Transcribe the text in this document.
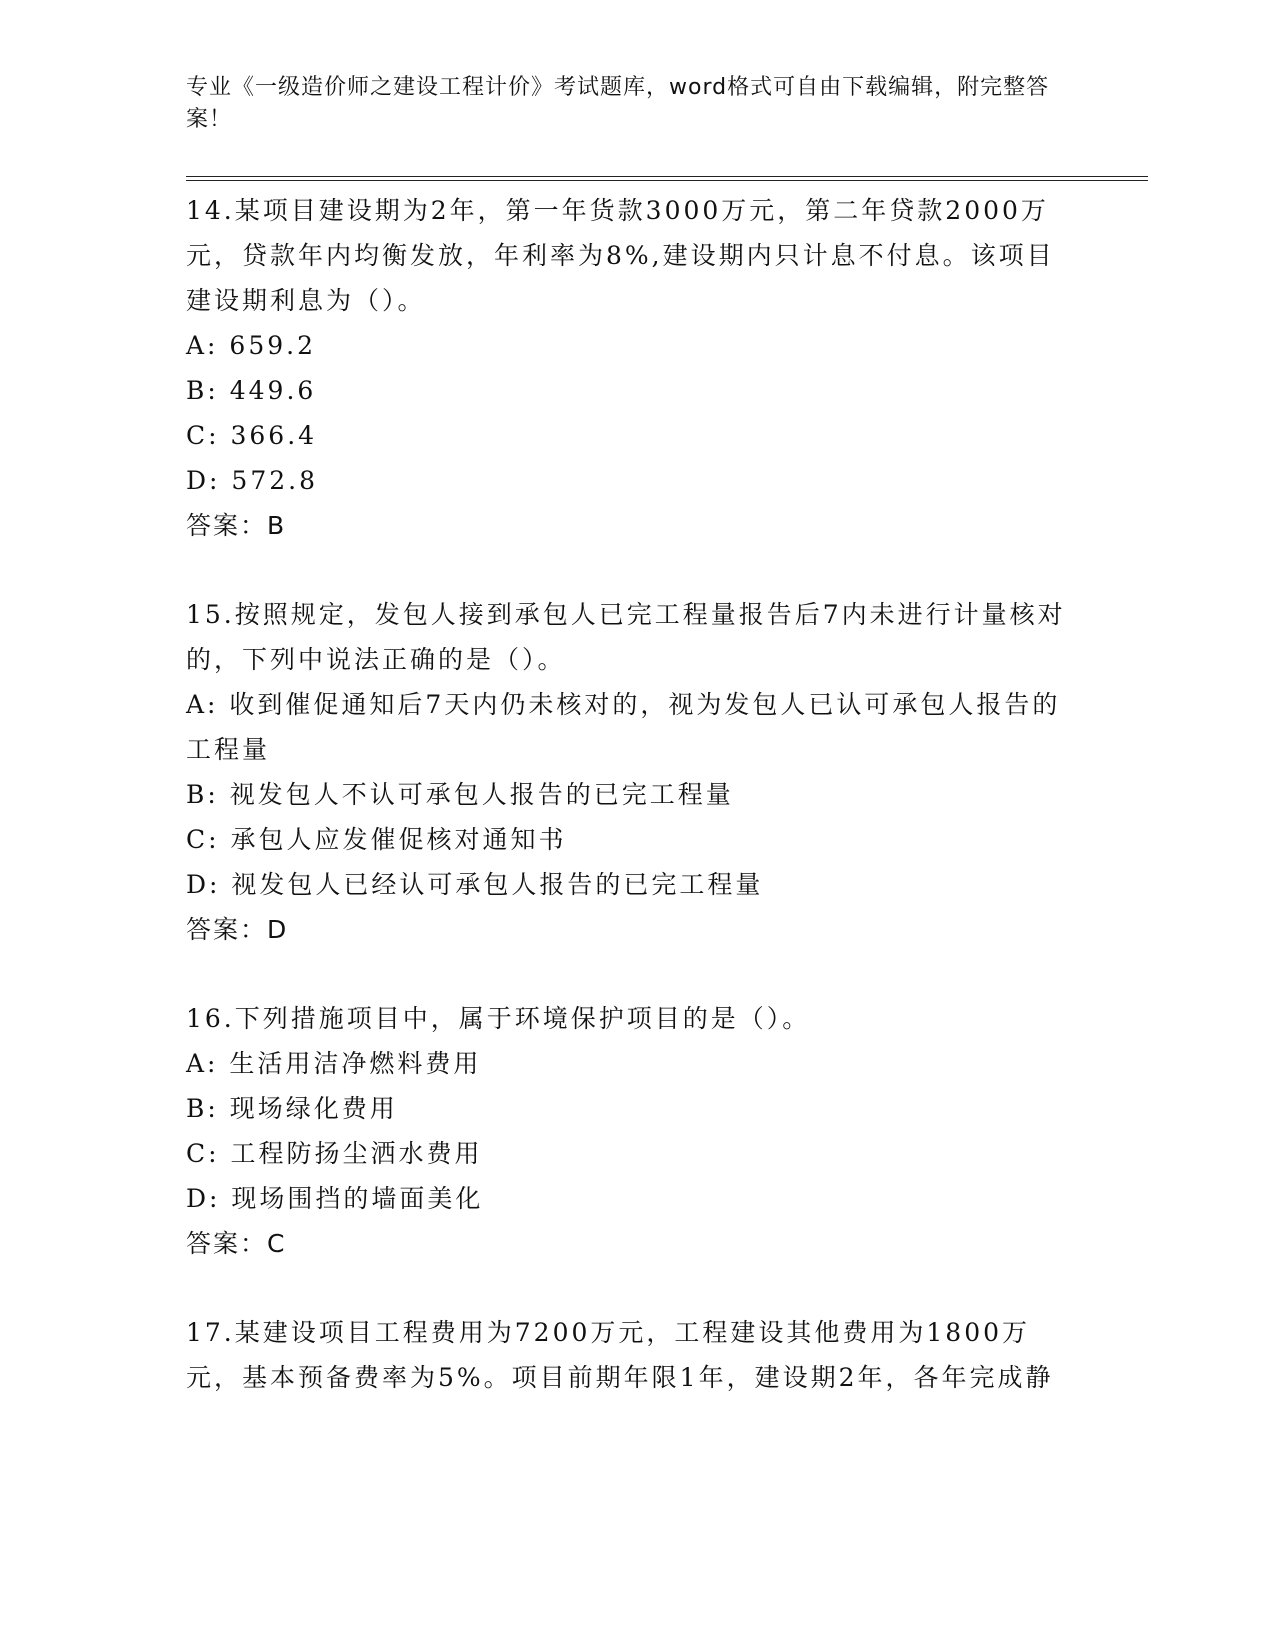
专业《一级造价师之建设工程计价》考试题库，word格式可自由下载编辑，附完整答案！

14.某项目建设期为2年，第一年货款3000万元，第二年贷款2000万元，贷款年内均衡发放，年利率为8%,建设期内只计息不付息。该项目建设期利息为（）。

A: 659.2

B: 449.6

C: 366.4

D: 572.8

答案：B

15.按照规定，发包人接到承包人已完工程量报告后7内未进行计量核对的，下列中说法正确的是（）。

A: 收到催促通知后7天内仍未核对的，视为发包人已认可承包人报告的工程量

B: 视发包人不认可承包人报告的已完工程量

C: 承包人应发催促核对通知书

D: 视发包人已经认可承包人报告的已完工程量

答案：D

16.下列措施项目中，属于环境保护项目的是（）。

A: 生活用洁净燃料费用

B: 现场绿化费用

C: 工程防扬尘洒水费用

D: 现场围挡的墙面美化

答案：C

17.某建设项目工程费用为7200万元，工程建设其他费用为1800万元，基本预备费率为5%。项目前期年限1年，建设期2年，各年完成静
